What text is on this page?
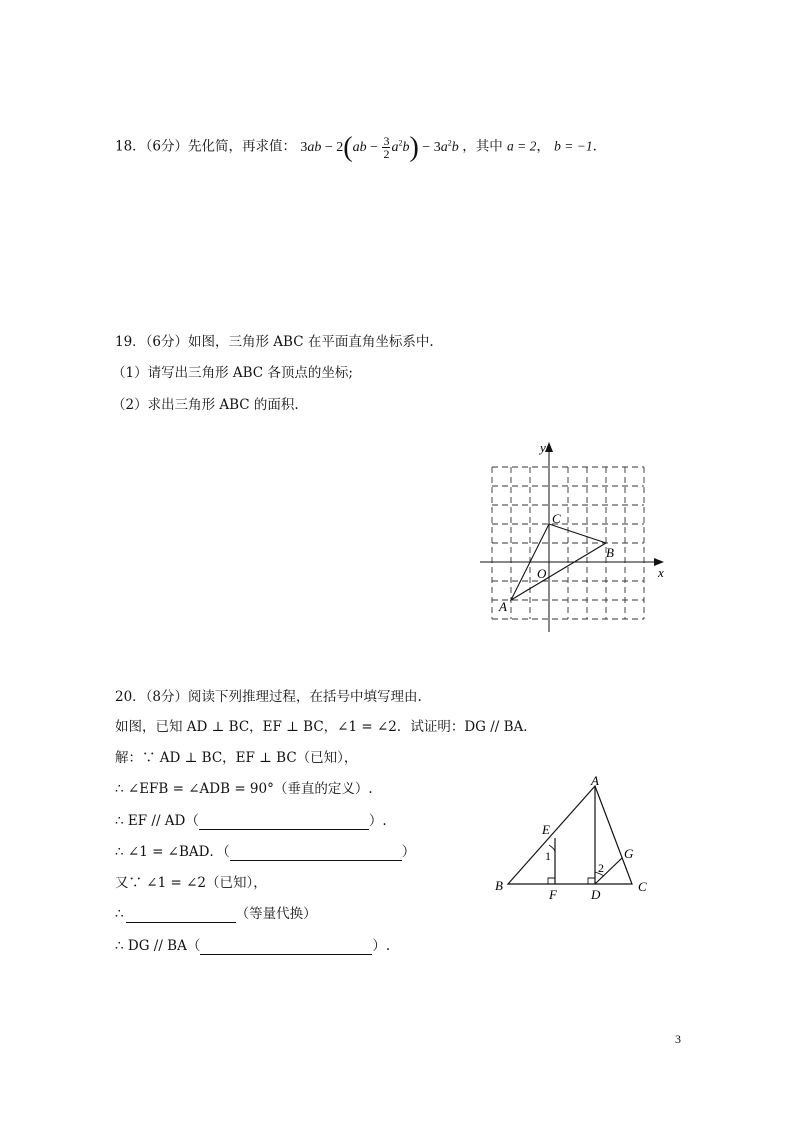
18．（6分）先化简，再求值： $3ab - 2(ab - \frac{3}{2} a^2b) - 3a^2b$ ，其中 a = 2， b = −1.
19．（6分）如图，三角形 ABC 在平面直角坐标系中.
（1）请写出三角形 ABC 各顶点的坐标;
（2）求出三角形 ABC 的面积.
y
x
C
B
A
O
20．（8分）阅读下列推理过程，在括号中填写理由.
如图，已知 AD ⊥ BC，EF ⊥ BC，∠1 = ∠2．试证明：DG // BA．
解：∵ AD ⊥ BC，EF ⊥ BC（已知），
∴ ∠EFB = ∠ADB = 90°（垂直的定义）.
∴ EF // AD（	）.
∴ ∠1 = ∠BAD．（	）
又∵ ∠1 = ∠2（已知），
∴	（等量代换）
∴ DG // BA（	）.
A
E
1
2
G
B
F	D
C
3
